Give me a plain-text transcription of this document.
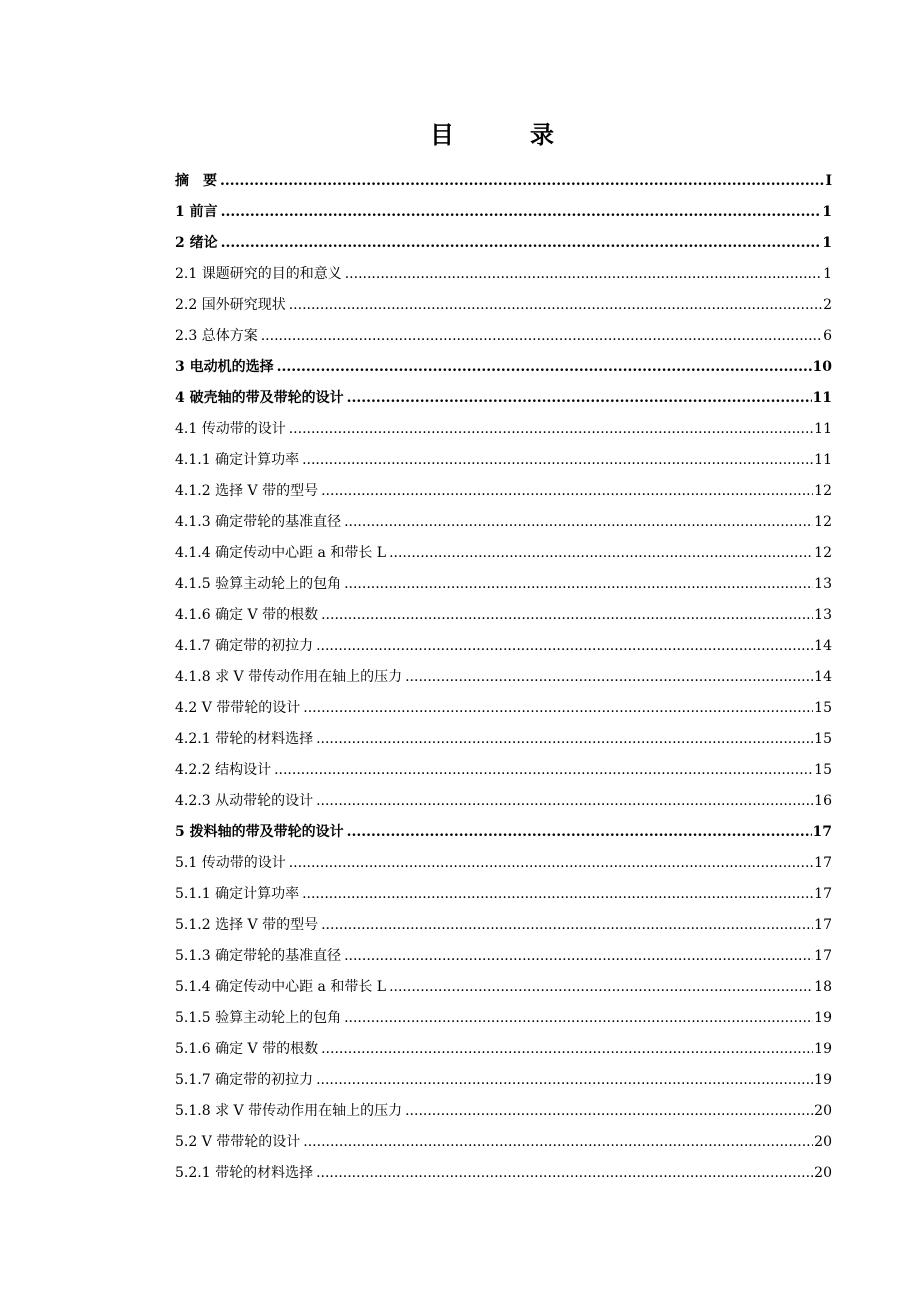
目　录
摘　要 .....	I
1 前言 .....	1
2 绪论 .....	1
2.1 课题研究的目的和意义 .....	1
2.2 国外研究现状 .....	2
2.3 总体方案 .....	6
3 电动机的选择 .....	10
4 破壳轴的带及带轮的设计 .....	11
4.1 传动带的设计 .....	11
4.1.1 确定计算功率 .....	11
4.1.2 选择 V 带的型号 .....	12
4.1.3 确定带轮的基准直径 .....	12
4.1.4 确定传动中心距 a 和带长 L .....	12
4.1.5 验算主动轮上的包角 .....	13
4.1.6 确定 V 带的根数 .....	13
4.1.7 确定带的初拉力 .....	14
4.1.8 求 V 带传动作用在轴上的压力 .....	14
4.2 V 带带轮的设计 .....	15
4.2.1 带轮的材料选择 .....	15
4.2.2 结构设计 .....	15
4.2.3 从动带轮的设计 .....	16
5 拨料轴的带及带轮的设计 .....	17
5.1 传动带的设计 .....	17
5.1.1 确定计算功率 .....	17
5.1.2 选择 V 带的型号 .....	17
5.1.3 确定带轮的基准直径 .....	17
5.1.4 确定传动中心距 a 和带长 L .....	18
5.1.5 验算主动轮上的包角 .....	19
5.1.6 确定 V 带的根数 .....	19
5.1.7 确定带的初拉力 .....	19
5.1.8 求 V 带传动作用在轴上的压力 .....	20
5.2 V 带带轮的设计 .....	20
5.2.1 带轮的材料选择 .....	20
